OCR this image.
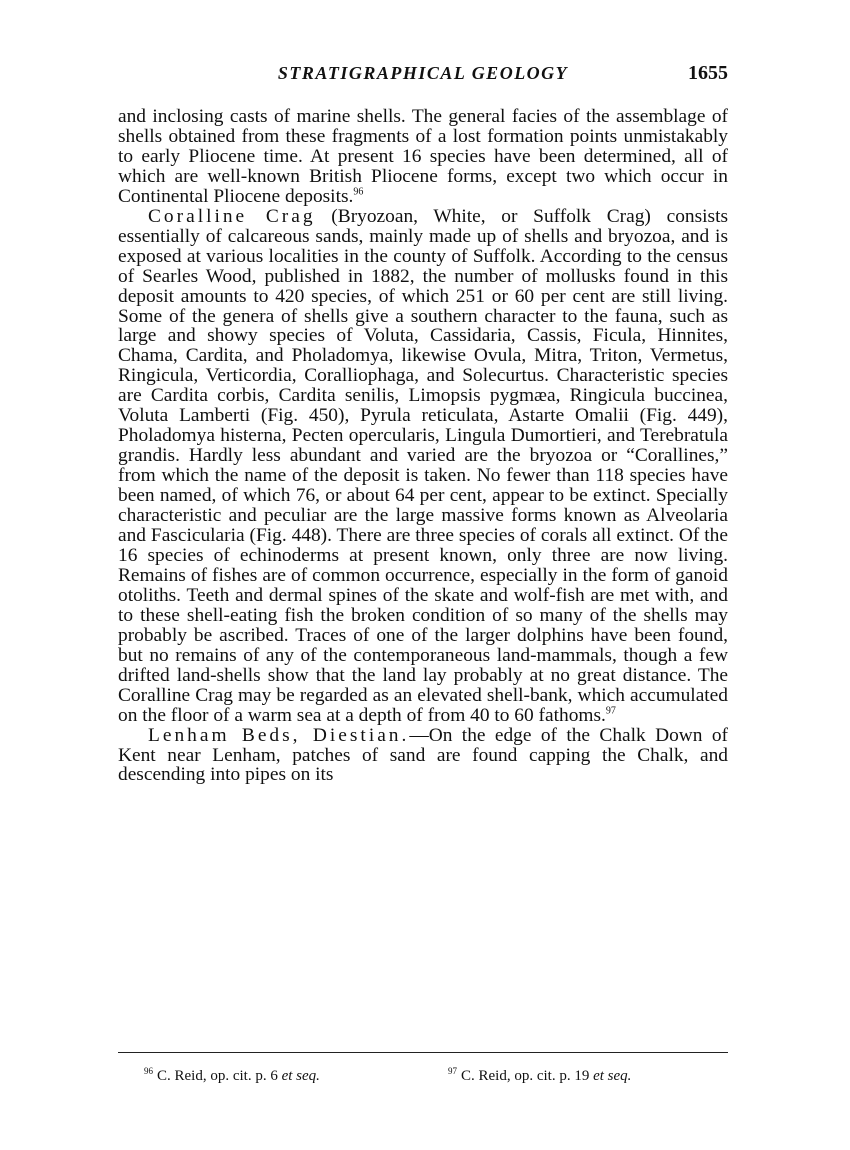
STRATIGRAPHICAL GEOLOGY	1655

and inclosing casts of marine shells. The general facies of the assemblage of shells obtained from these fragments of a lost formation points unmistakably to early Pliocene time. At present 16 species have been determined, all of which are well-known British Pliocene forms, except two which occur in Continental Pliocene deposits.$^{96}$

Coralline Crag (Bryozoan, White, or Suffolk Crag) consists essentially of calcareous sands, mainly made up of shells and bryozoa, and is exposed at various localities in the county of Suffolk. According to the census of Searles Wood, published in 1882, the number of mollusks found in this deposit amounts to 420 species, of which 251 or 60 per cent are still living. Some of the genera of shells give a southern character to the fauna, such as large and showy species of Voluta, Cassidaria, Cassis, Ficula, Hinnites, Chama, Cardita, and Pholadomya, likewise Ovula, Mitra, Triton, Vermetus, Ringicula, Verticordia, Coralliophaga, and Solecurtus. Characteristic species are Cardita corbis, Cardita senilis, Limopsis pygmæa, Ringicula buccinea, Voluta Lamberti (Fig. 450), Pyrula reticulata, Astarte Omalii (Fig. 449), Pholadomya histerna, Pecten opercularis, Lingula Dumortieri, and Terebratula grandis. Hardly less abundant and varied are the bryozoa or “Corallines,” from which the name of the deposit is taken. No fewer than 118 species have been named, of which 76, or about 64 per cent, appear to be extinct. Specially characteristic and peculiar are the large massive forms known as Alveolaria and Fascicularia (Fig. 448). There are three species of corals all extinct. Of the 16 species of echinoderms at present known, only three are now living. Remains of fishes are of common occurrence, especially in the form of ganoid otoliths. Teeth and dermal spines of the skate and wolf-fish are met with, and to these shell-eating fish the broken condition of so many of the shells may probably be ascribed. Traces of one of the larger dolphins have been found, but no remains of any of the contemporaneous land-mammals, though a few drifted land-shells show that the land lay probably at no great distance. The Coralline Crag may be regarded as an elevated shell-bank, which accumulated on the floor of a warm sea at a depth of from 40 to 60 fathoms.$^{97}$

Lenham Beds, Diestian.—On the edge of the Chalk Down of Kent near Lenham, patches of sand are found capping the Chalk, and descending into pipes on its

$^{96}$ C. Reid, op. cit. p. 6 et seq.	$^{97}$ C. Reid, op. cit. p. 19 et seq.
